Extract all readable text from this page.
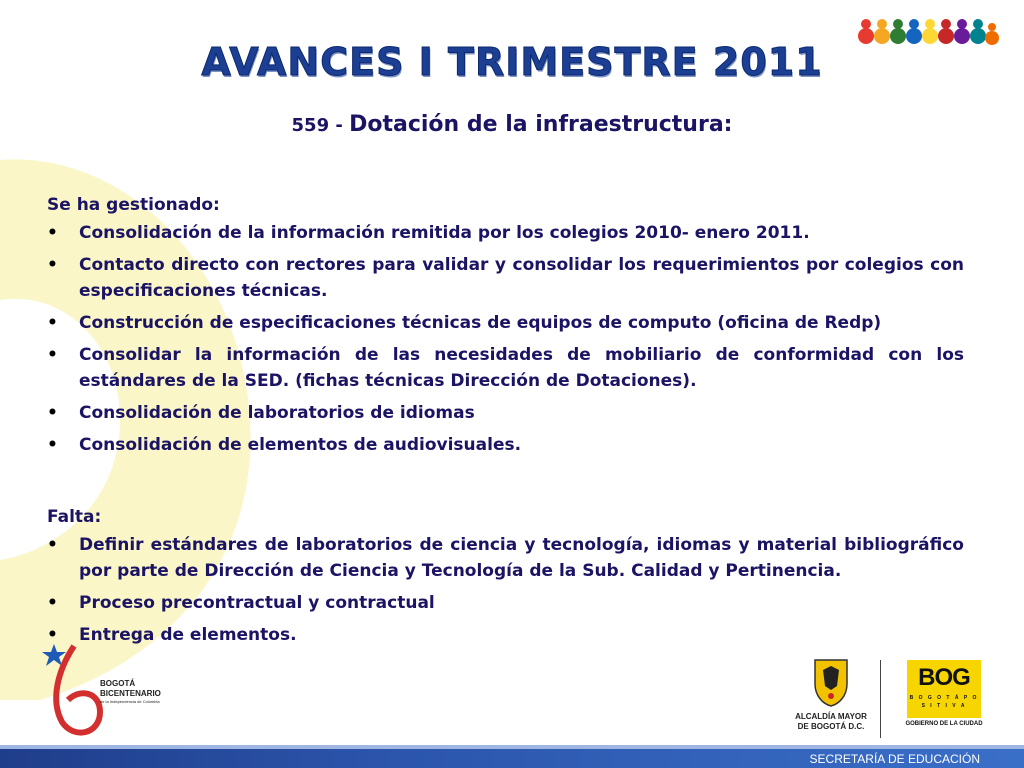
AVANCES I TRIMESTRE 2011
559 - Dotación de la infraestructura:
Se ha gestionado:
• Consolidación de la información remitida por los colegios 2010- enero 2011.
• Contacto directo con rectores para validar y consolidar los requerimientos por colegios con especificaciones técnicas.
• Construcción de especificaciones técnicas de equipos de computo (oficina de Redp)
• Consolidar la información de las necesidades de mobiliario de conformidad con los estándares de la SED. (fichas técnicas Dirección de Dotaciones).
• Consolidación de laboratorios de idiomas
• Consolidación de elementos de audiovisuales.
Falta:
• Definir estándares de laboratorios de ciencia y tecnología, idiomas y material bibliográfico por parte de Dirección de Ciencia y Tecnología de la Sub. Calidad y Pertinencia.
• Proceso precontractual y contractual
• Entrega de elementos.
BOGOTÁ
BICENTENARIO
de la Independencia de Colombia
ALCALDÍA MAYOR
DE BOGOTÁ D.C.
BOG
B O G O T Á P O S I T I V A
GOBIERNO DE LA CIUDAD
SECRETARÍA DE EDUCACIÓN
